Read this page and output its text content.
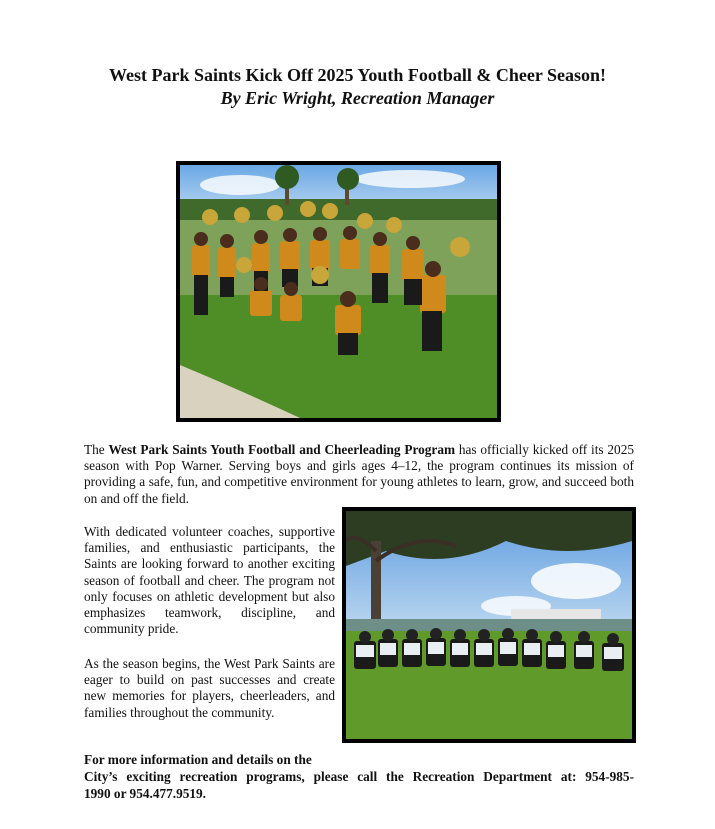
West Park Saints Kick Off 2025 Youth Football & Cheer Season!
By Eric Wright, Recreation Manager

The West Park Saints Youth Football and Cheerleading Program has officially kicked off its 2025 season with Pop Warner. Serving boys and girls ages 4–12, the program continues its mission of providing a safe, fun, and competitive environment for young athletes to learn, grow, and succeed both on and off the field.

With dedicated volunteer coaches, supportive families, and enthusiastic participants, the Saints are looking forward to another exciting season of football and cheer. The program not only focuses on athletic development but also emphasizes teamwork, discipline, and community pride.

As the season begins, the West Park Saints are eager to build on past successes and create new memories for players, cheerleaders, and families throughout the community.

For more information and details on the
City’s exciting recreation programs, please call the Recreation Department at: 954-985-
1990 or 954.477.9519.
